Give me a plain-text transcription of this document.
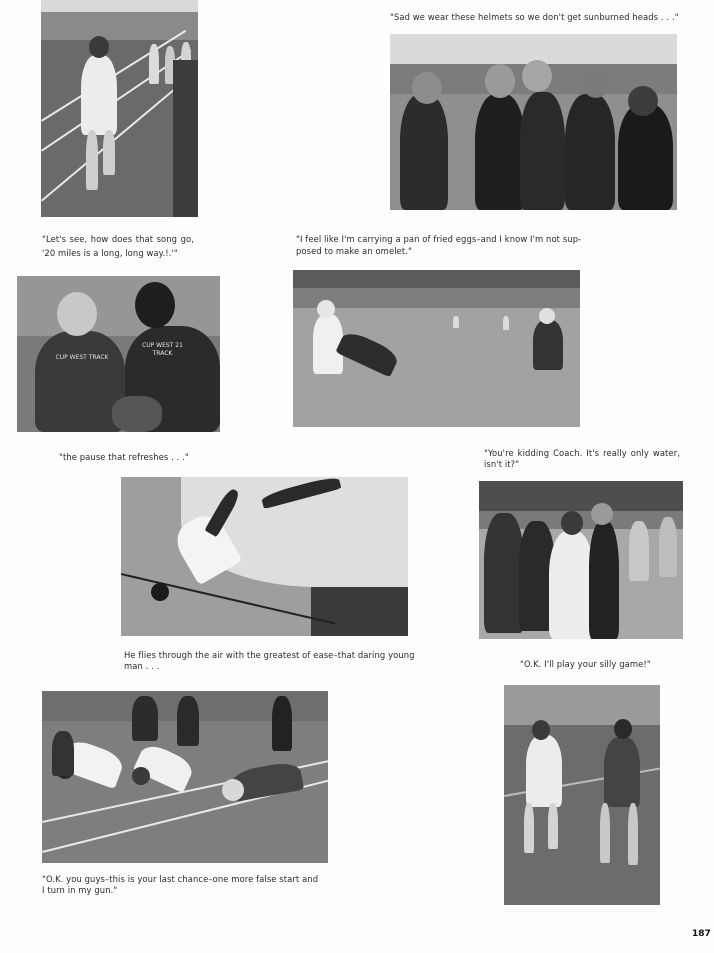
"Sad we wear these helmets so we don't get sunburned heads . . ."
"Let's see, how does that song go,
'20 miles is a long, long way.!.'"
"I feel like I'm carrying a pan of fried eggs–and I know I'm not sup-
posed to make an omelet."
CUP WEST TRACK
CUP WEST 21 TRACK
"the pause that refreshes . . ."	"You're kidding Coach. It's really only water,
isn't it?"
He flies through the air with the greatest of ease–that daring young
man . . .	"O.K. I'll play your silly game!"
"O.K. you guys–this is your last chance–one more false start and
I turn in my gun."
187
